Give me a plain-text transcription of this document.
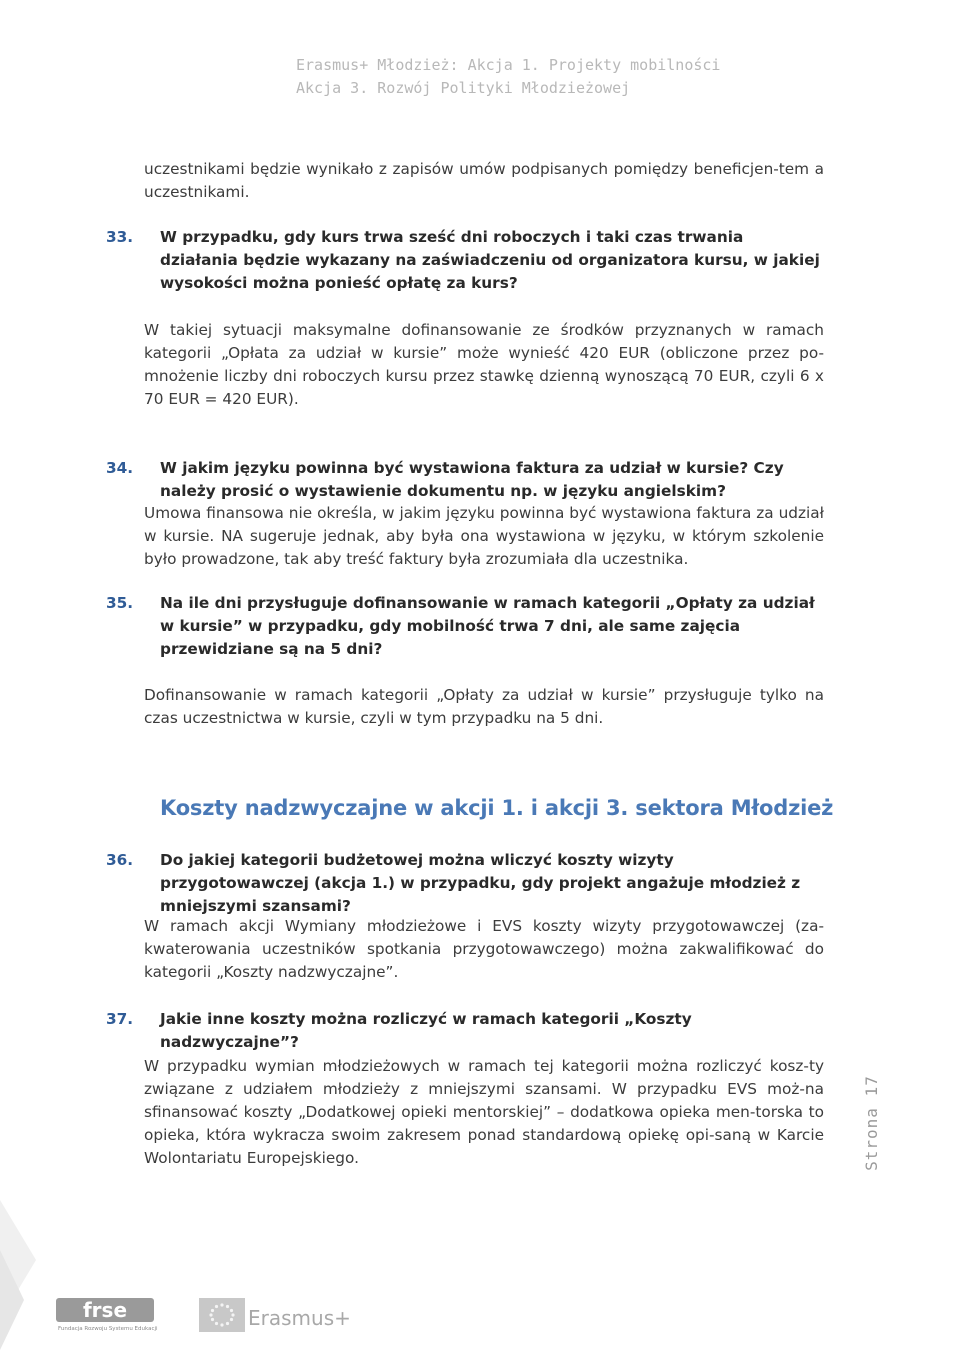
Erasmus+ Młodzież: Akcja 1. Projekty mobilności
Akcja 3. Rozwój Polityki Młodzieżowej
uczestnikami będzie wynikało z zapisów umów podpisanych pomiędzy beneficjen-tem a uczestnikami.
33. W przypadku, gdy kurs trwa sześć dni roboczych i taki czas trwania działania będzie wykazany na zaświadczeniu od organizatora kursu, w jakiej wysokości można ponieść opłatę za kurs?
W takiej sytuacji maksymalne dofinansowanie ze środków przyznanych w ramach kategorii „Opłata za udział w kursie” może wynieść 420 EUR (obliczone przez po-mnożenie liczby dni roboczych kursu przez stawkę dzienną wynoszącą 70 EUR, czyli 6 x 70 EUR = 420 EUR).
34. W jakim języku powinna być wystawiona faktura za udział w kursie? Czy należy prosić o wystawienie dokumentu np. w języku angielskim?
Umowa finansowa nie określa, w jakim języku powinna być wystawiona faktura za udział w kursie. NA sugeruje jednak, aby była ona wystawiona w języku, w którym szkolenie było prowadzone, tak aby treść faktury była zrozumiała dla uczestnika.
35. Na ile dni przysługuje dofinansowanie w ramach kategorii „Opłaty za udział w kursie” w przypadku, gdy mobilność trwa 7 dni, ale same zajęcia przewidziane są na 5 dni?
Dofinansowanie w ramach kategorii „Opłaty za udział w kursie” przysługuje tylko na czas uczestnictwa w kursie, czyli w tym przypadku na 5 dni.
Koszty nadzwyczajne w akcji 1. i akcji 3. sektora Młodzież
36. Do jakiej kategorii budżetowej można wliczyć koszty wizyty przygotowawczej (akcja 1.) w przypadku, gdy projekt angażuje młodzież z mniejszymi szansami?
W ramach akcji Wymiany młodzieżowe i EVS koszty wizyty przygotowawczej (za-kwaterowania uczestników spotkania przygotowawczego) można zakwalifikować do kategorii „Koszty nadzwyczajne”.
37. Jakie inne koszty można rozliczyć w ramach kategorii „Koszty nadzwyczajne”?
W przypadku wymian młodzieżowych w ramach tej kategorii można rozliczyć kosz-ty związane z udziałem młodzieży z mniejszymi szansami. W przypadku EVS moż-na sfinansować koszty „Dodatkowej opieki mentorskiej” – dodatkowa opieka men-torska to opieka, która wykracza swoim zakresem ponad standardową opiekę opi-saną w Karcie Wolontariatu Europejskiego.	Strona 17
frse
Fundacja Rozwoju Systemu Edukacji	Erasmus+
